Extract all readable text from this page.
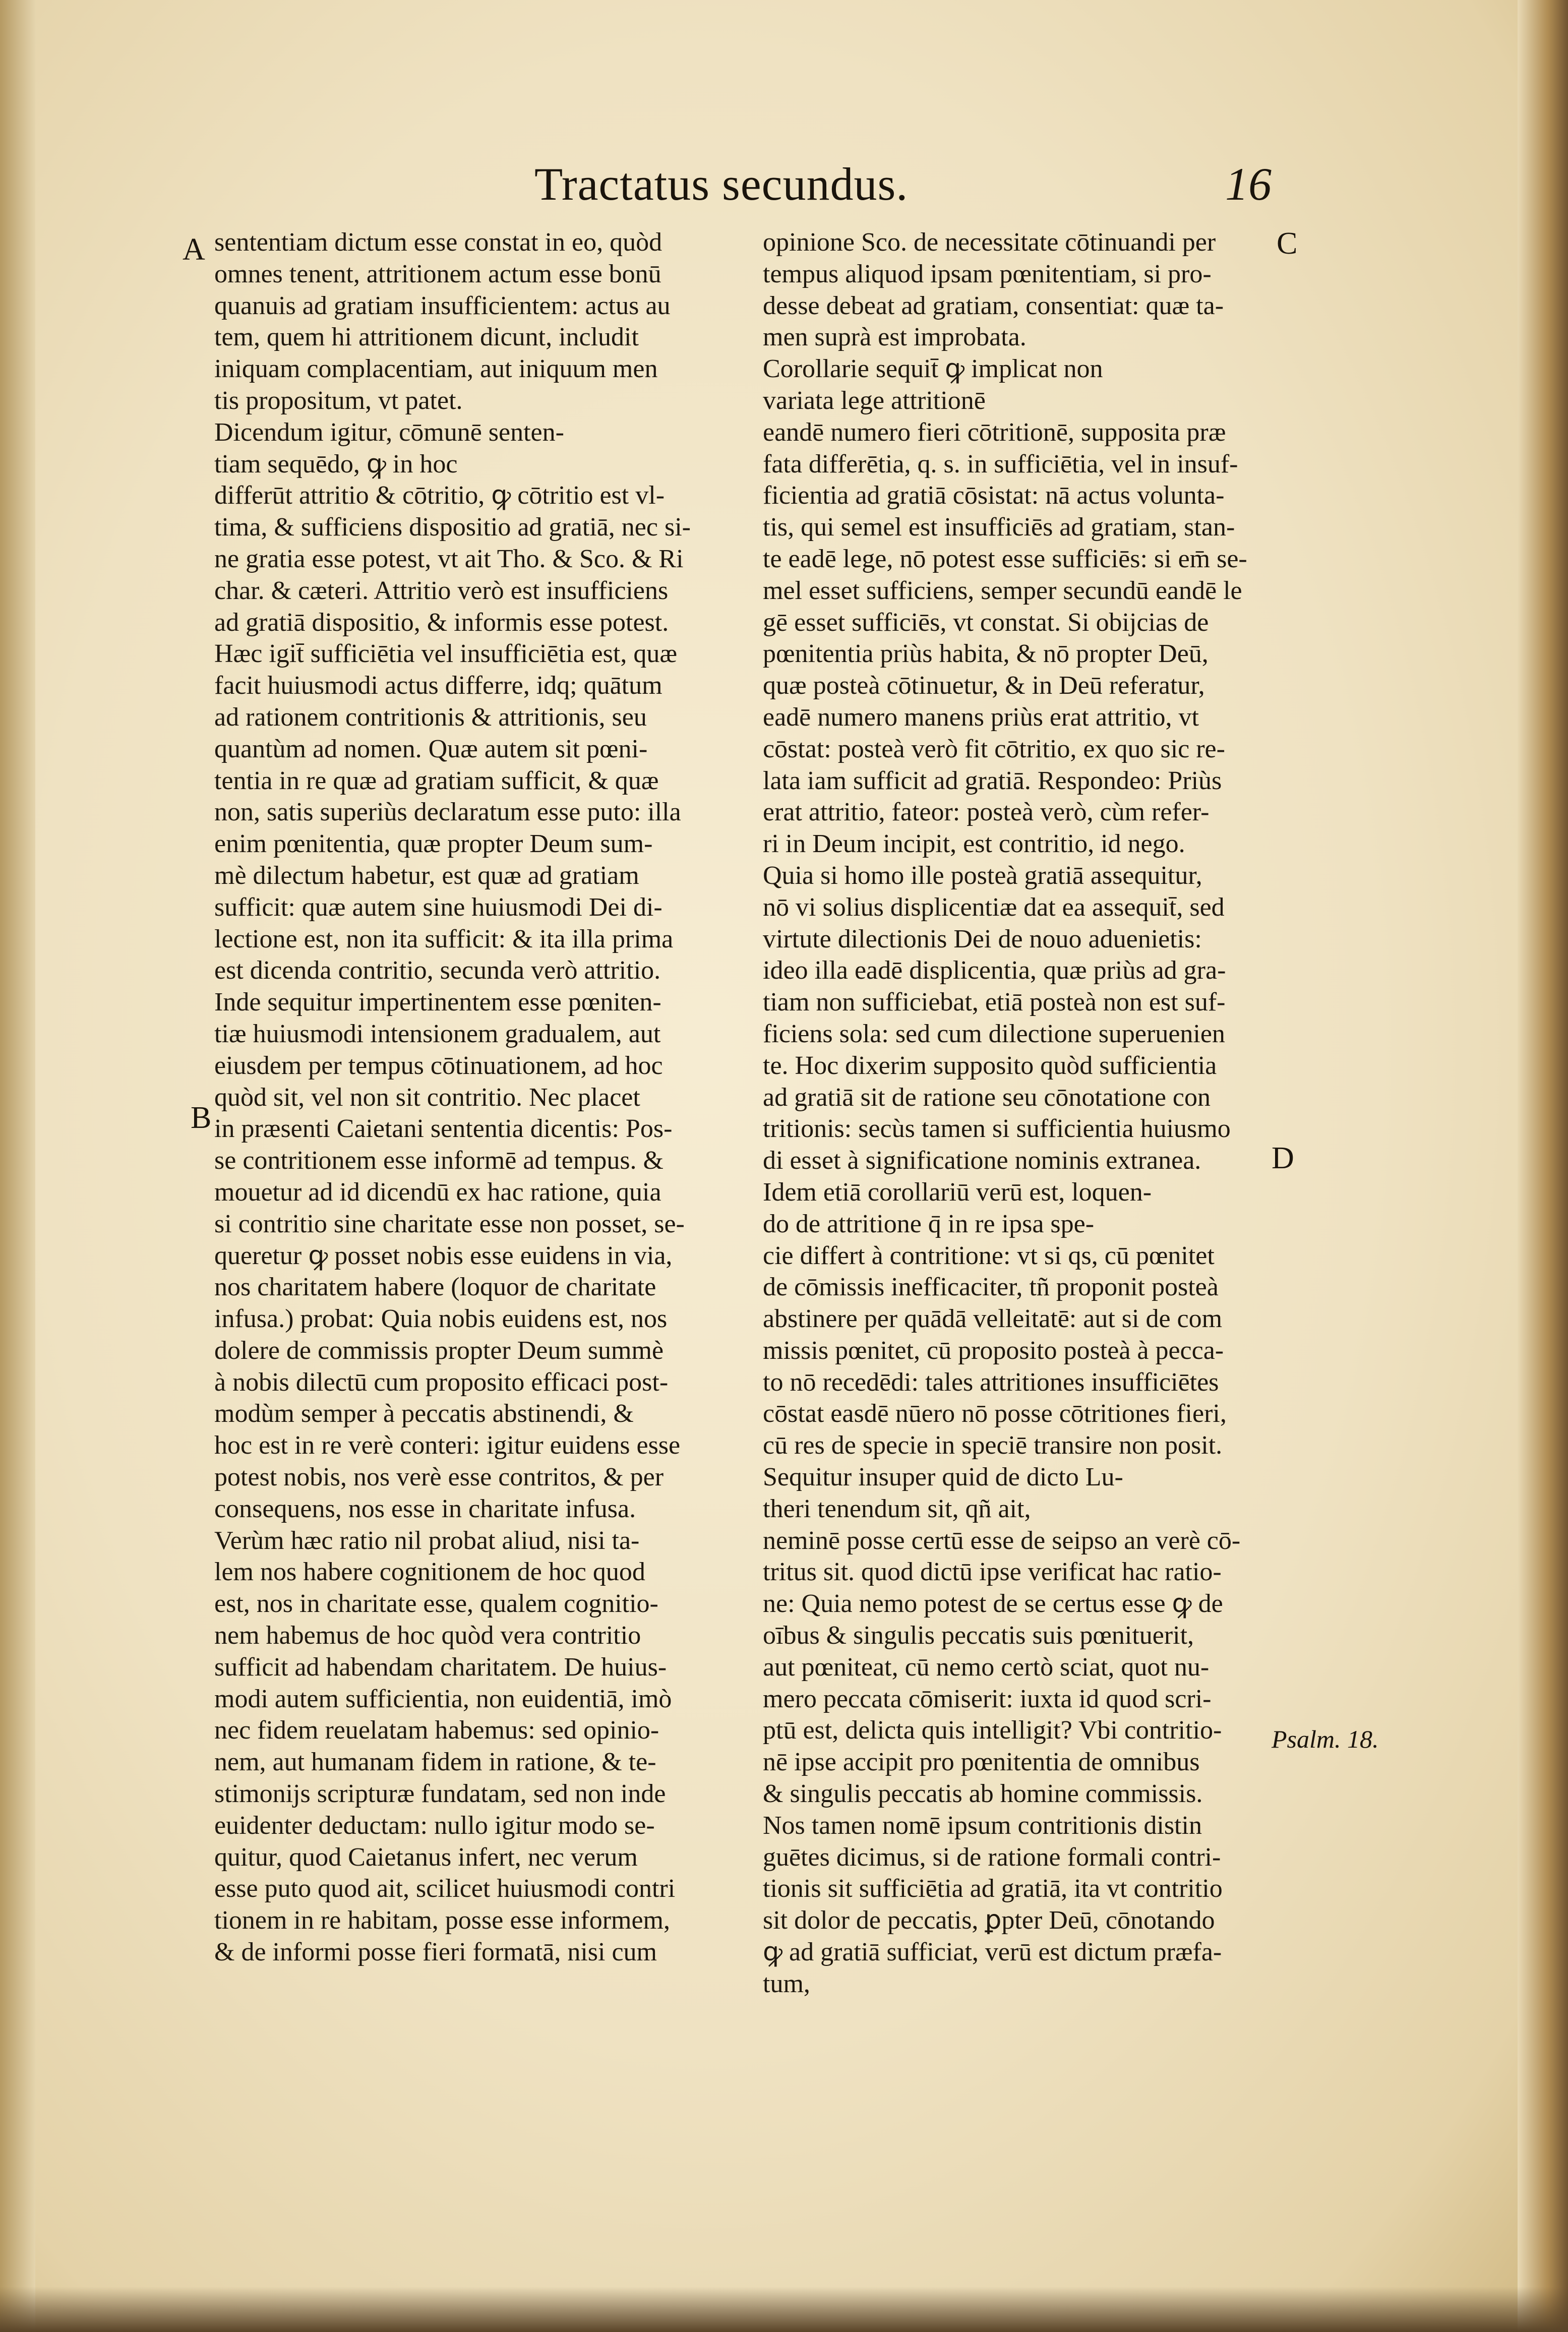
Tractatus secundus.	16
A
B
C
D
Psalm. 18.
sententiam dictum esse constat in eo, quòd
omnes tenent, attritionem actum esse bonū
quanuis ad gratiam insufficientem: actus au
tem, quem hi attritionem dicunt, includit
iniquam complacentiam, aut iniquum men
tis propositum, vt patet.
Dicendum igitur, cōmunē senten-
tiam sequēdo, ꝙ in hoc
differūt attritio & cōtritio, ꝙ cōtritio est vl-
tima, & sufficiens dispositio ad gratiā, nec si-
ne gratia esse potest, vt ait Tho. & Sco. & Ri
char. & cæteri. Attritio verò est insufficiens
ad gratiā dispositio, & informis esse potest.
Hæc igit̄ sufficiētia vel insufficiētia est, quæ
facit huiusmodi actus differre, idq; quātum
ad rationem contritionis & attritionis, seu
quantùm ad nomen. Quæ autem sit pœni-
tentia in re quæ ad gratiam sufficit, & quæ
non, satis superiùs declaratum esse puto: illa
enim pœnitentia, quæ propter Deum sum-
mè dilectum habetur, est quæ ad gratiam
sufficit: quæ autem sine huiusmodi Dei di-
lectione est, non ita sufficit: & ita illa prima
est dicenda contritio, secunda verò attritio.
Inde sequitur impertinentem esse pœniten-
tiæ huiusmodi intensionem gradualem, aut
eiusdem per tempus cōtinuationem, ad hoc
quòd sit, vel non sit contritio. Nec placet
in præsenti Caietani sententia dicentis: Pos-
se contritionem esse informē ad tempus. &
mouetur ad id dicendū ex hac ratione, quia
si contritio sine charitate esse non posset, se-
queretur ꝙ posset nobis esse euidens in via,
nos charitatem habere (loquor de charitate
infusa.) probat: Quia nobis euidens est, nos
dolere de commissis propter Deum summè
à nobis dilectū cum proposito efficaci post-
modùm semper à peccatis abstinendi, &
hoc est in re verè conteri: igitur euidens esse
potest nobis, nos verè esse contritos, & per
consequens, nos esse in charitate infusa.
Verùm hæc ratio nil probat aliud, nisi ta-
lem nos habere cognitionem de hoc quod
est, nos in charitate esse, qualem cognitio-
nem habemus de hoc quòd vera contritio
sufficit ad habendam charitatem. De huius-
modi autem sufficientia, non euidentiā, imò
nec fidem reuelatam habemus: sed opinio-
nem, aut humanam fidem in ratione, & te-
stimonijs scripturæ fundatam, sed non inde
euidenter deductam: nullo igitur modo se-
quitur, quod Caietanus infert, nec verum
esse puto quod ait, scilicet huiusmodi contri
tionem in re habitam, posse esse informem,
& de informi posse fieri formatā, nisi cum
opinione Sco. de necessitate cōtinuandi per
tempus aliquod ipsam pœnitentiam, si pro-
desse debeat ad gratiam, consentiat: quæ ta-
men suprà est improbata.
Corollarie sequit̄ ꝙ implicat non
variata lege attritionē
eandē numero fieri cōtritionē, supposita præ
fata differētia, q. s. in sufficiētia, vel in insuf-
ficientia ad gratiā cōsistat: nā actus volunta-
tis, qui semel est insufficiēs ad gratiam, stan-
te eadē lege, nō potest esse sufficiēs: si em̄ se-
mel esset sufficiens, semper secundū eandē le
gē esset sufficiēs, vt constat. Si obijcias de
pœnitentia priùs habita, & nō propter Deū,
quæ posteà cōtinuetur, & in Deū referatur,
eadē numero manens priùs erat attritio, vt
cōstat: posteà verò fit cōtritio, ex quo sic re-
lata iam sufficit ad gratiā. Respondeo: Priùs
erat attritio, fateor: posteà verò, cùm refer-
ri in Deum incipit, est contritio, id nego.
Quia si homo ille posteà gratiā assequitur,
nō vi solius displicentiæ dat ea assequit̄, sed
virtute dilectionis Dei de nouo aduenietis:
ideo illa eadē displicentia, quæ priùs ad gra-
tiam non sufficiebat, etiā posteà non est suf-
ficiens sola: sed cum dilectione superuenien
te. Hoc dixerim supposito quòd sufficientia
ad gratiā sit de ratione seu cōnotatione con
tritionis: secùs tamen si sufficientia huiusmo
di esset à significatione nominis extranea.
Idem etiā corollariū verū est, loquen-
do de attritione q̄ in re ipsa spe-
cie differt à contritione: vt si qs, cū pœnitet
de cōmissis inefficaciter, tñ proponit posteà
abstinere per quādā velleitatē: aut si de com
missis pœnitet, cū proposito posteà à pecca-
to nō recedēdi: tales attritiones insufficiētes
cōstat easdē nūero nō posse cōtritiones fieri,
cū res de specie in speciē transire non posit.
Sequitur insuper quid de dicto Lu-
theri tenendum sit, qñ ait,
neminē posse certū esse de seipso an verè cō-
tritus sit. quod dictū ipse verificat hac ratio-
ne: Quia nemo potest de se certus esse ꝙ de
oībus & singulis peccatis suis pœnituerit,
aut pœniteat, cū nemo certò sciat, quot nu-
mero peccata cōmiserit: iuxta id quod scri-
ptū est, delicta quis intelligit? Vbi contritio-
nē ipse accipit pro pœnitentia de omnibus
& singulis peccatis ab homine commissis.
Nos tamen nomē ipsum contritionis distin
guētes dicimus, si de ratione formali contri-
tionis sit sufficiētia ad gratiā, ita vt contritio
sit dolor de peccatis, ꝑpter Deū, cōnotando
ꝙ ad gratiā sufficiat, verū est dictum præfa-
tum,
